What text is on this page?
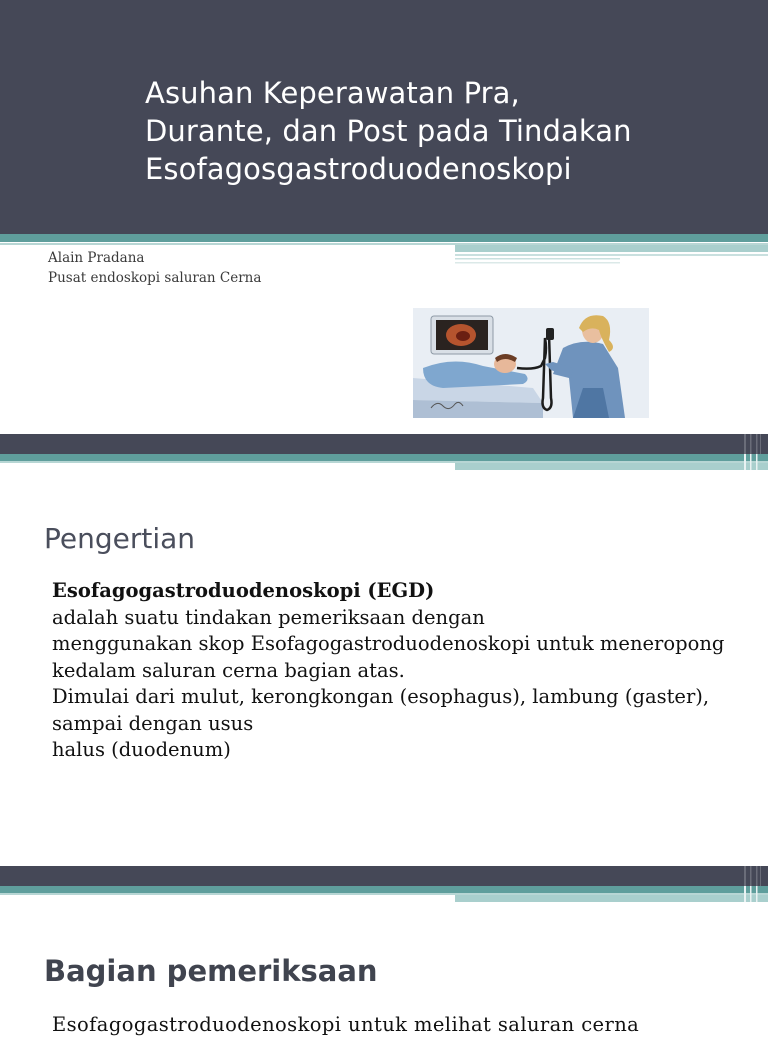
Asuhan Keperawatan Pra,
Durante, dan Post pada Tindakan
Esofagosgastroduodenoskopi
Alain Pradana
Pusat endoskopi saluran Cerna
Pengertian
Esofagogastroduodenoskopi (EGD)
adalah suatu tindakan pemeriksaan dengan
menggunakan skop Esofagogastroduodenoskopi untuk meneropong
kedalam saluran cerna bagian atas.
Dimulai dari mulut, kerongkongan (esophagus), lambung (gaster),
sampai dengan usus
halus (duodenum)
Bagian pemeriksaan
Esofagogastroduodenoskopi untuk melihat saluran cerna
